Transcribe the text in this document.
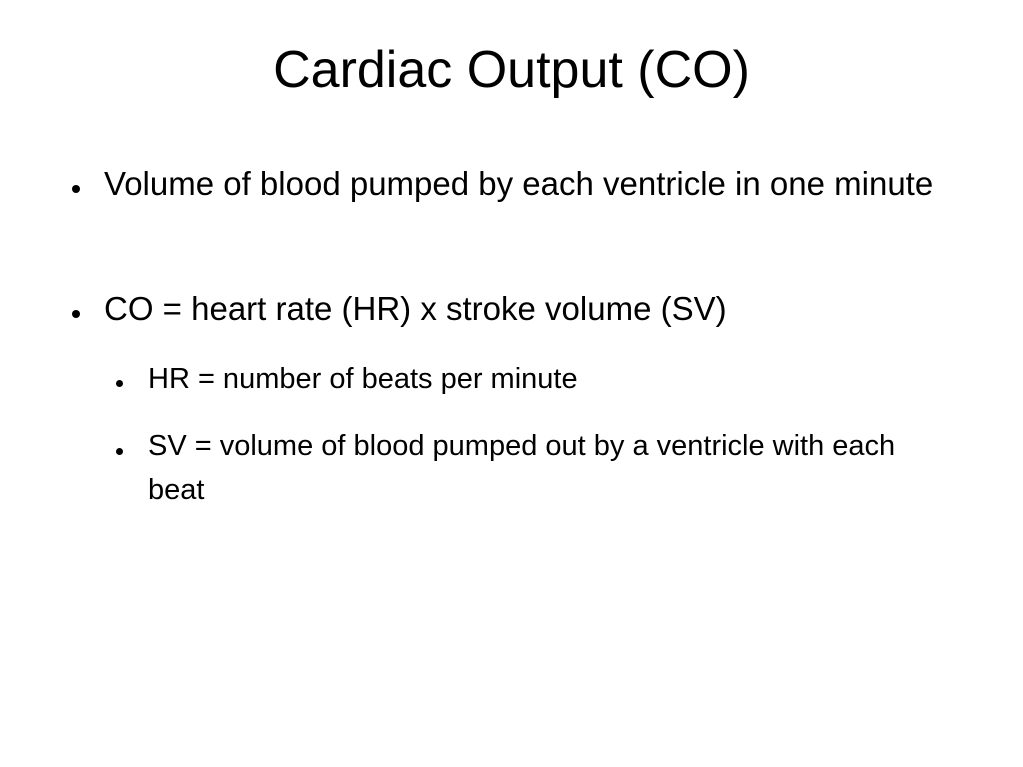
Cardiac Output (CO)

Volume of blood pumped by each ventricle in one minute

CO = heart rate (HR) x stroke volume (SV)

HR = number of beats per minute

SV = volume of blood pumped out by a ventricle with each beat
